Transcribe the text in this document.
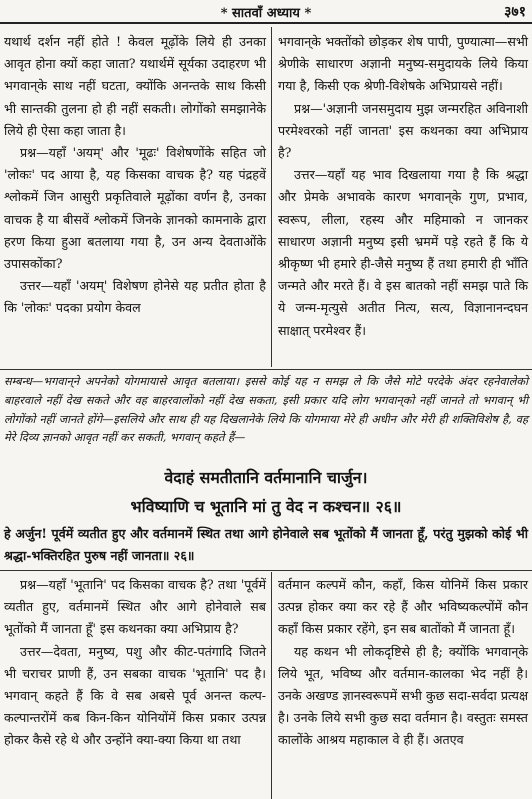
* सातवाँ अध्याय *	३७१

यथार्थ दर्शन नहीं होते ! केवल मूढ़ोंके लिये ही उनका आवृत होना क्यों कहा जाता? यथार्थमें सूर्यका उदाहरण भी भगवान्‌के साथ नहीं घटता, क्योंकि अनन्तके साथ किसी भी सान्तकी तुलना हो ही नहीं सकती। लोगोंको समझानेके लिये ही ऐसा कहा जाता है।

प्रश्न—यहाँ 'अयम्' और 'मूढः' विशेषणोंके सहित जो 'लोकः' पद आया है, यह किसका वाचक है? यह पंद्रहवें श्लोकमें जिन आसुरी प्रकृतिवाले मूढ़ोंका वर्णन है, उनका वाचक है या बीसवें श्लोकमें जिनके ज्ञानको कामनाके द्वारा हरण किया हुआ बतलाया गया है, उन अन्य देवताओंके उपासकोंका?

उत्तर—यहाँ 'अयम्' विशेषण होनेसे यह प्रतीत होता है कि 'लोकः' पदका प्रयोग केवल

भगवान्‌के भक्तोंको छोड़कर शेष पापी, पुण्यात्मा—सभी श्रेणीके साधारण अज्ञानी मनुष्य-समुदायके लिये किया गया है, किसी एक श्रेणी-विशेषके अभिप्रायसे नहीं।

प्रश्न—'अज्ञानी जनसमुदाय मुझ जन्मरहित अविनाशी परमेश्वरको नहीं जानता' इस कथनका क्या अभिप्राय है?

उत्तर—यहाँ यह भाव दिखलाया गया है कि श्रद्धा और प्रेमके अभावके कारण भगवान्‌के गुण, प्रभाव, स्वरूप, लीला, रहस्य और महिमाको न जानकर साधारण अज्ञानी मनुष्य इसी भ्रममें पड़े रहते हैं कि ये श्रीकृष्ण भी हमारे ही-जैसे मनुष्य हैं तथा हमारी ही भाँति जन्मते और मरते हैं। वे इस बातको नहीं समझ पाते कि ये जन्म-मृत्युसे अतीत नित्य, सत्य, विज्ञानानन्दघन साक्षात् परमेश्वर हैं।

सम्बन्ध—भगवान्‌ने अपनेको योगमायासे आवृत बतलाया। इससे कोई यह न समझ ले कि जैसे मोटे परदेके अंदर रहनेवालेको बाहरवाले नहीं देख सकते और वह बाहरवालोंको नहीं देख सकता, इसी प्रकार यदि लोग भगवान्‌को नहीं जानते तो भगवान् भी लोगोंको नहीं जानते होंगे—इसलिये और साथ ही यह दिखलानेके लिये कि योगमाया मेरे ही अधीन और मेरी ही शक्तिविशेष है, वह मेरे दिव्य ज्ञानको आवृत नहीं कर सकती, भगवान् कहते हैं—
वेदाहं समतीतानि वर्तमानानि चार्जुन।
भविष्याणि च भूतानि मां तु वेद न कश्चन॥ २६॥
हे अर्जुन! पूर्वमें व्यतीत हुए और वर्तमानमें स्थित तथा आगे होनेवाले सब भूतोंको मैं जानता हूँ, परंतु मुझको कोई भी श्रद्धा-भक्तिरहित पुरुष नहीं जानता॥ २६॥

प्रश्न—यहाँ 'भूतानि' पद किसका वाचक है? तथा 'पूर्वमें व्यतीत हुए, वर्तमानमें स्थित और आगे होनेवाले सब भूतोंको मैं जानता हूँ' इस कथनका क्या अभिप्राय है?

उत्तर—देवता, मनुष्य, पशु और कीट-पतंगादि जितने भी चराचर प्राणी हैं, उन सबका वाचक 'भूतानि' पद है। भगवान् कहते हैं कि वे सब अबसे पूर्व अनन्त कल्प-कल्पान्तरोंमें कब किन-किन योनियोंमें किस प्रकार उत्पन्न होकर कैसे रहे थे और उन्होंने क्या-क्या किया था तथा

वर्तमान कल्पमें कौन, कहाँ, किस योनिमें किस प्रकार उत्पन्न होकर क्या कर रहे हैं और भविष्यकल्पोंमें कौन कहाँ किस प्रकार रहेंगे, इन सब बातोंको मैं जानता हूँ।

यह कथन भी लोकदृष्टिसे ही है; क्योंकि भगवान्‌के लिये भूत, भविष्य और वर्तमान-कालका भेद नहीं है। उनके अखण्ड ज्ञानस्वरूपमें सभी कुछ सदा-सर्वदा प्रत्यक्ष है। उनके लिये सभी कुछ सदा वर्तमान है। वस्तुतः समस्त कालोंके आश्रय महाकाल वे ही हैं। अतएव
